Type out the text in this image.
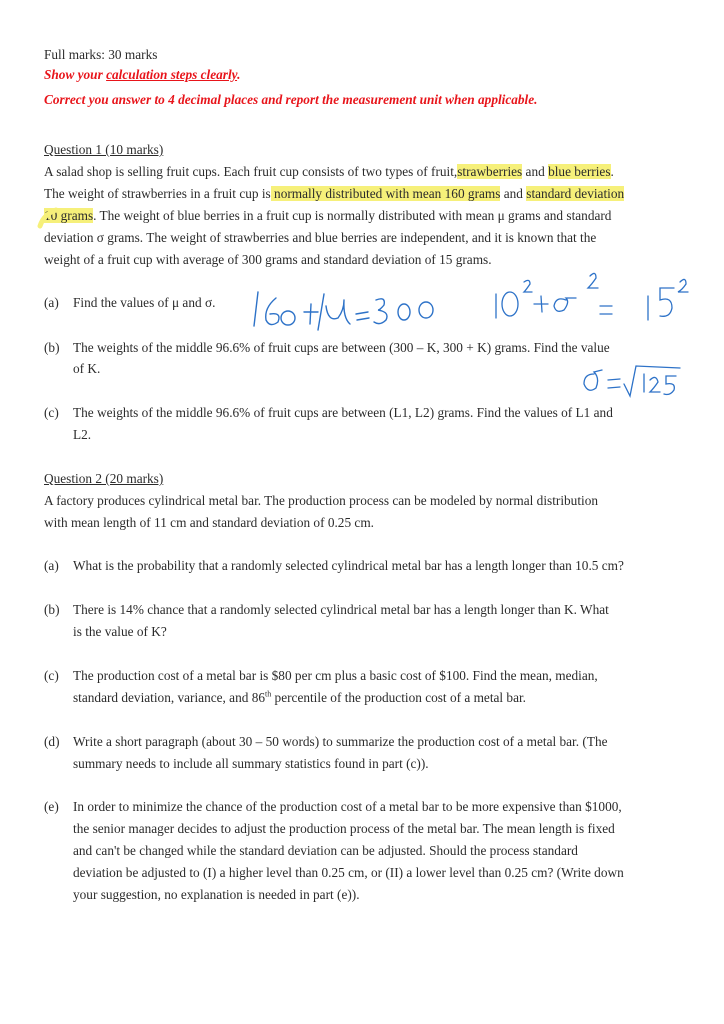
Full marks: 30 marks
Show your calculation steps clearly.
Correct you answer to 4 decimal places and report the measurement unit when applicable.
Question 1 (10 marks)
A salad shop is selling fruit cups. Each fruit cup consists of two types of fruit,strawberries and blue berries.
The weight of strawberries in a fruit cup is normally distributed with mean 160 grams and standard deviation
10 grams. The weight of blue berries in a fruit cup is normally distributed with mean μ grams and standard
deviation σ grams. The weight of strawberries and blue berries are independent, and it is known that the
weight of a fruit cup with average of 300 grams and standard deviation of 15 grams.
(a) Find the values of μ and σ.
(b) The weights of the middle 96.6% of fruit cups are between (300 – K, 300 + K) grams. Find the value
of K.
(c) The weights of the middle 96.6% of fruit cups are between (L1, L2) grams. Find the values of L1 and
L2.
Question 2 (20 marks)
A factory produces cylindrical metal bar. The production process can be modeled by normal distribution
with mean length of 11 cm and standard deviation of 0.25 cm.
(a) What is the probability that a randomly selected cylindrical metal bar has a length longer than 10.5 cm?
(b) There is 14% chance that a randomly selected cylindrical metal bar has a length longer than K. What
is the value of K?
(c) The production cost of a metal bar is $80 per cm plus a basic cost of $100. Find the mean, median,
standard deviation, variance, and 86th percentile of the production cost of a metal bar.
(d) Write a short paragraph (about 30 – 50 words) to summarize the production cost of a metal bar. (The
summary needs to include all summary statistics found in part (c)).
(e) In order to minimize the chance of the production cost of a metal bar to be more expensive than $1000,
the senior manager decides to adjust the production process of the metal bar. The mean length is fixed
and can't be changed while the standard deviation can be adjusted. Should the process standard
deviation be adjusted to (I) a higher level than 0.25 cm, or (II) a lower level than 0.25 cm? (Write down
your suggestion, no explanation is needed in part (e)).
